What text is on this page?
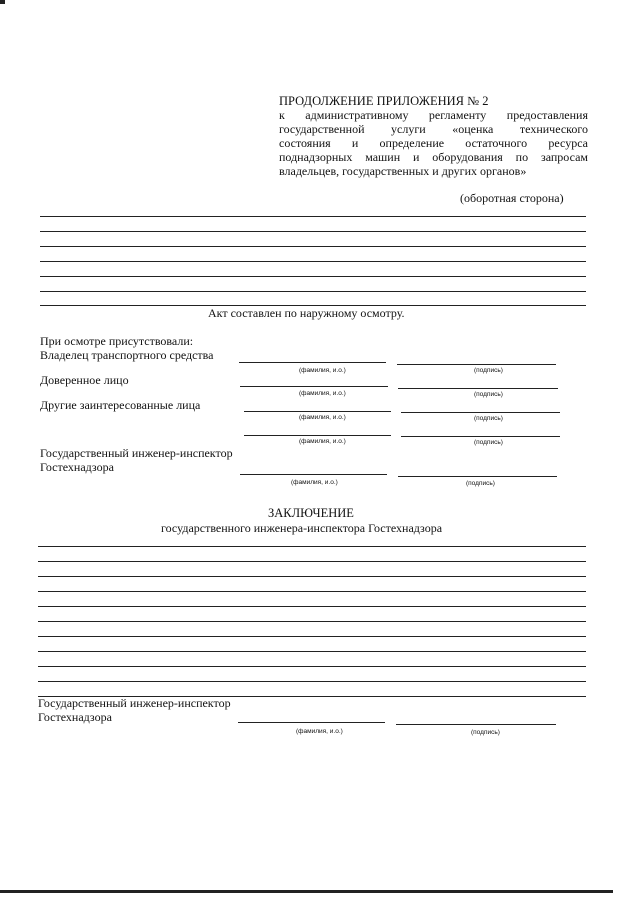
ПРОДОЛЖЕНИЕ ПРИЛОЖЕНИЯ № 2
к административному регламенту предоставления
государственной услуги «оценка технического
состояния и определение остаточного ресурса
поднадзорных машин и оборудования по запросам
владельцев, государственных и других органов»
(оборотная сторона)
Акт составлен по наружному осмотру.
При осмотре присутствовали:
Владелец транспортного средства
(фамилия, и.о.)	(подпись)
Доверенное лицо
(фамилия, и.о.)	(подпись)
Другие заинтересованные лица
(фамилия, и.о.)	(подпись)
(фамилия, и.о.)	(подпись)
Государственный инженер-инспектор
Гостехнадзора
(фамилия, и.о.)	(подпись)
ЗАКЛЮЧЕНИЕ
государственного инженера-инспектора Гостехнадзора
Государственный инженер-инспектор
Гостехнадзора
(фамилия, и.о.)	(подпись)
